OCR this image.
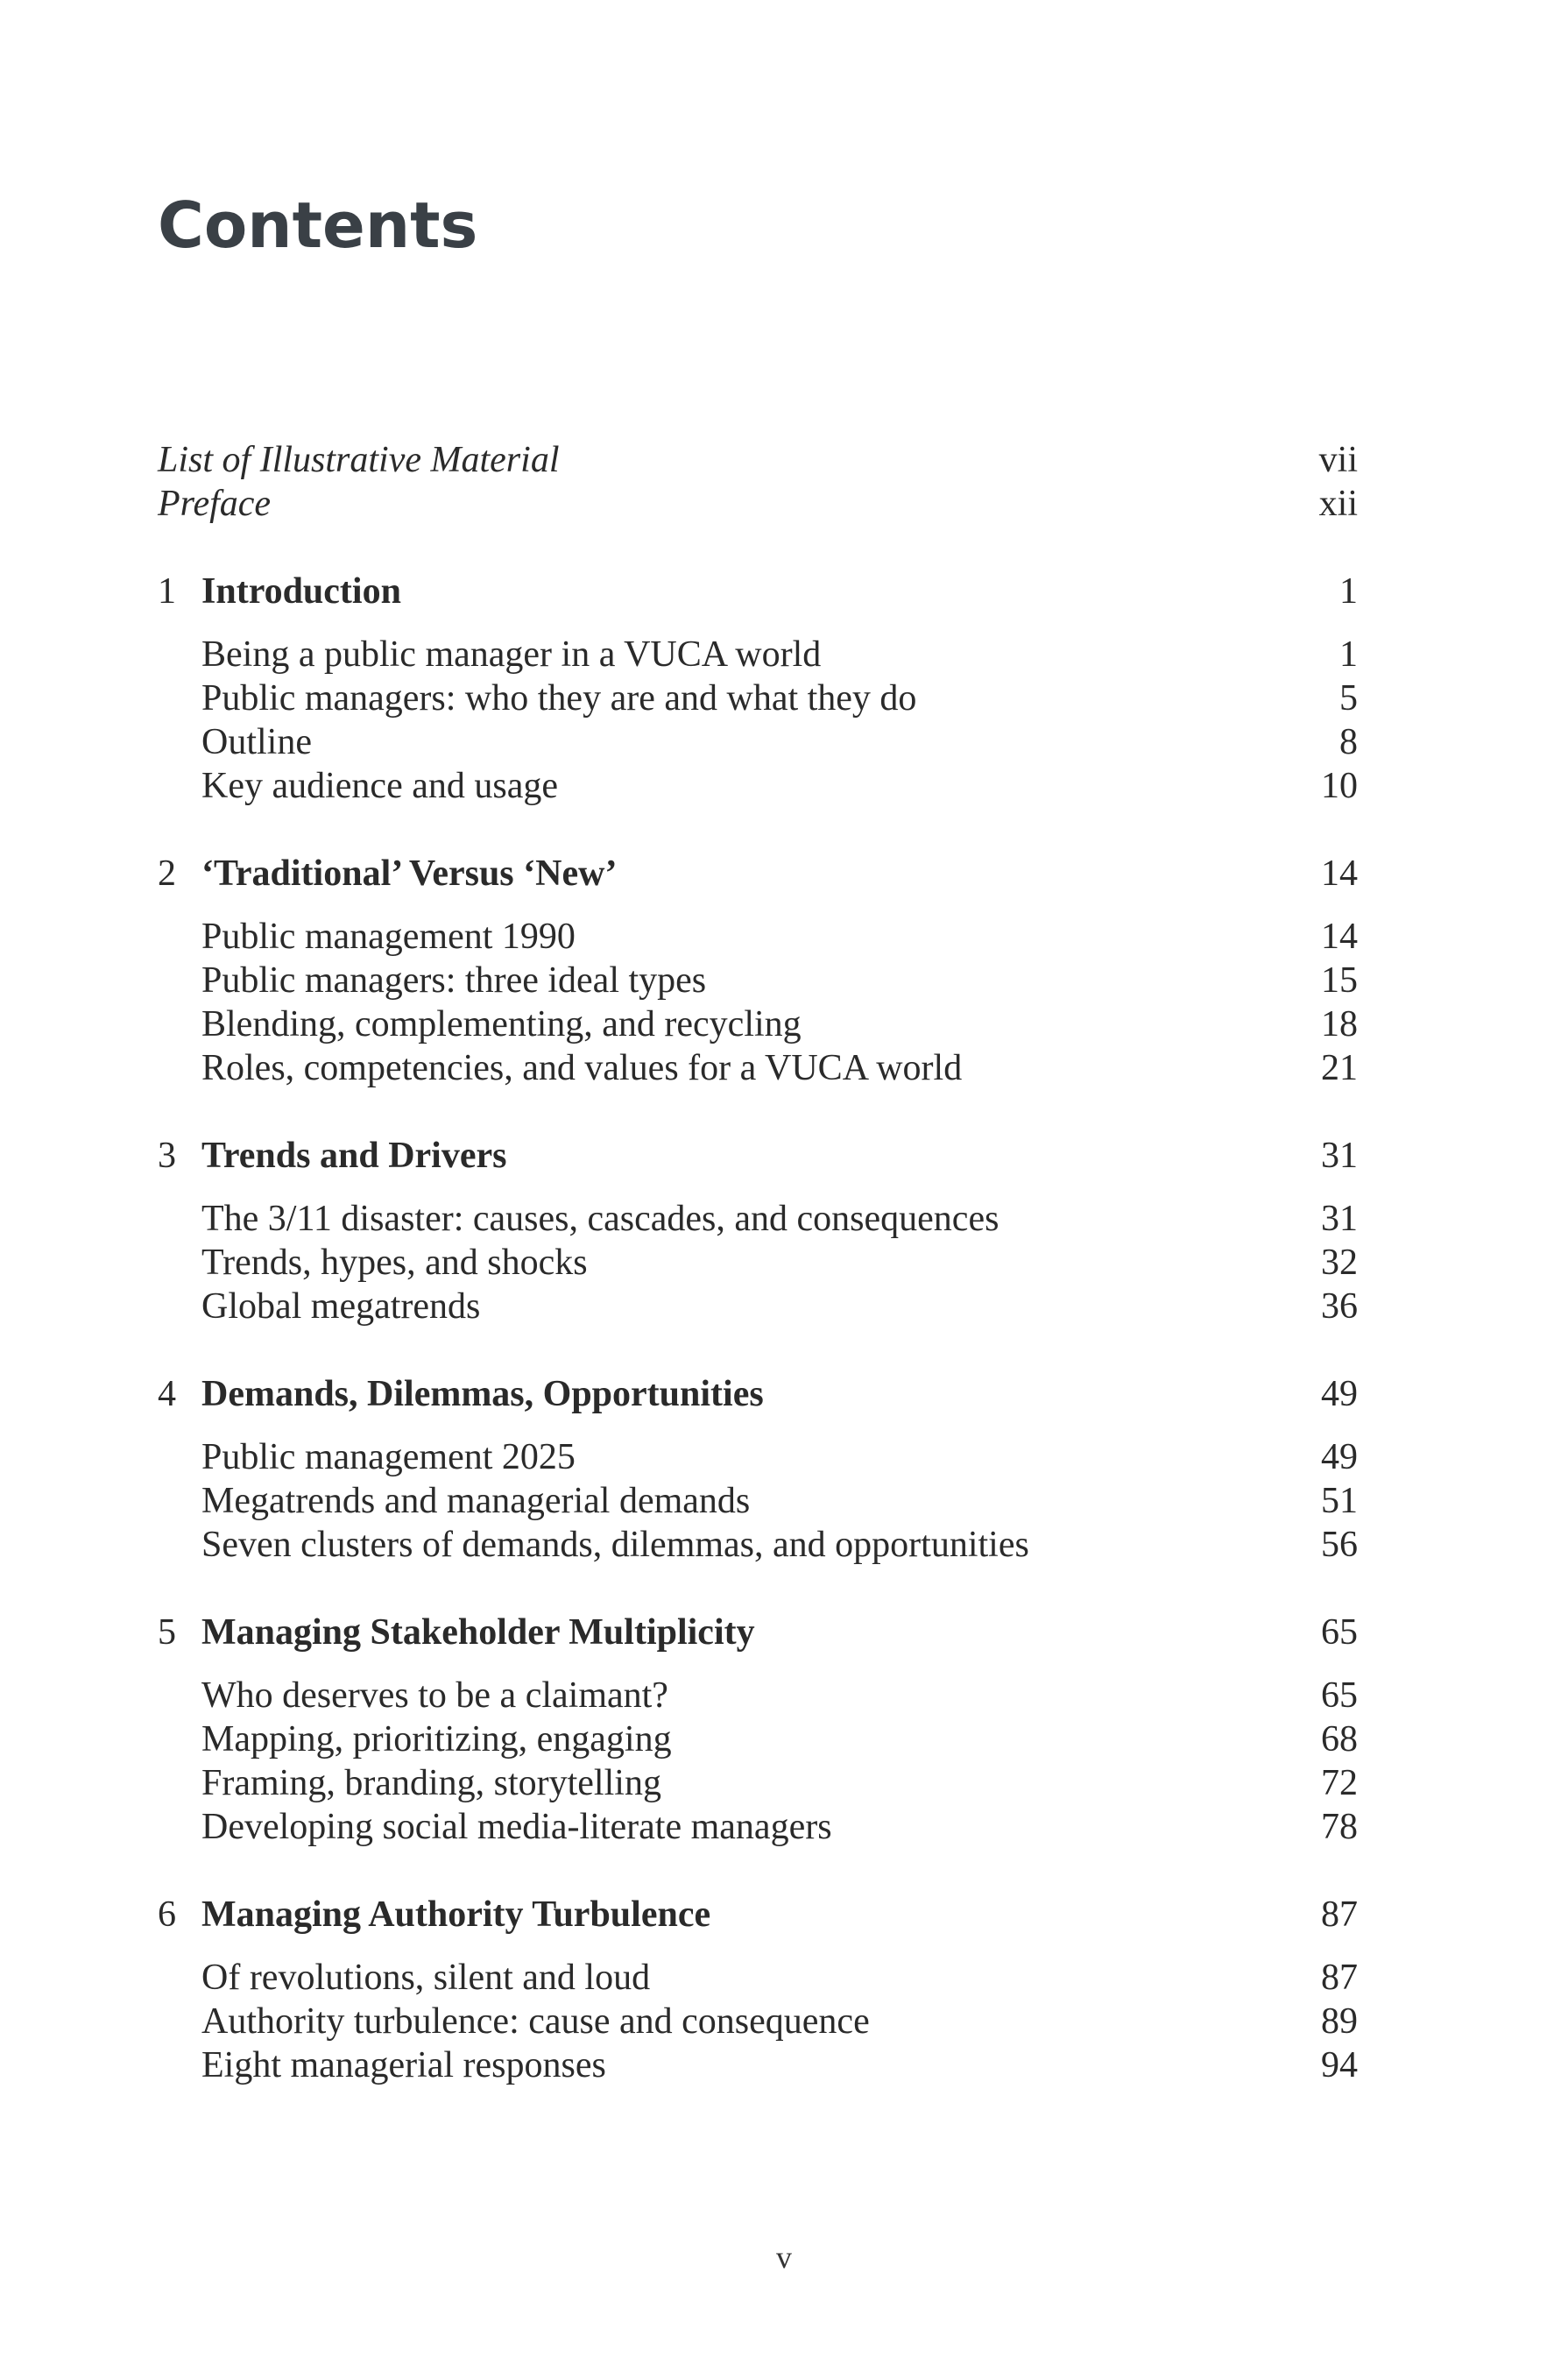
Contents
List of Illustrative Material	vii
Preface	xii
1 Introduction	1
Being a public manager in a VUCA world	1
Public managers: who they are and what they do	5
Outline	8
Key audience and usage	10
2 ‘Traditional’ Versus ‘New’	14
Public management 1990	14
Public managers: three ideal types	15
Blending, complementing, and recycling	18
Roles, competencies, and values for a VUCA world	21
3 Trends and Drivers	31
The 3/11 disaster: causes, cascades, and consequences	31
Trends, hypes, and shocks	32
Global megatrends	36
4 Demands, Dilemmas, Opportunities	49
Public management 2025	49
Megatrends and managerial demands	51
Seven clusters of demands, dilemmas, and opportunities	56
5 Managing Stakeholder Multiplicity	65
Who deserves to be a claimant?	65
Mapping, prioritizing, engaging	68
Framing, branding, storytelling	72
Developing social media-literate managers	78
6 Managing Authority Turbulence	87
Of revolutions, silent and loud	87
Authority turbulence: cause and consequence	89
Eight managerial responses	94
v
